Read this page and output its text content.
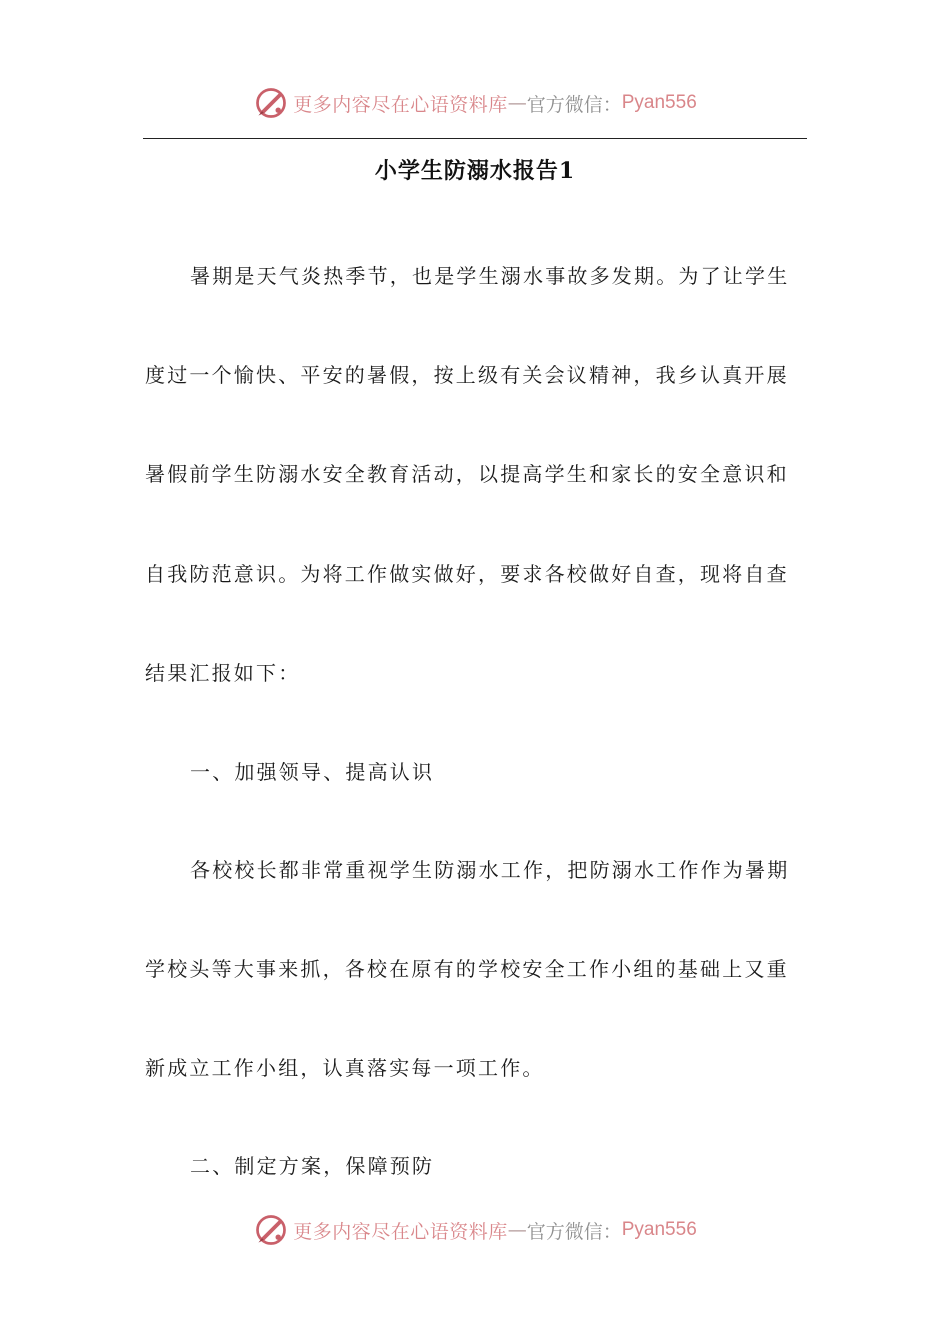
更多内容尽在心语资料库 — 官方微信： Pyan556
小学生防溺水报告1
暑期是天气炎热季节，也是学生溺水事故多发期。为了让学生
度过一个愉快、平安的暑假，按上级有关会议精神，我乡认真开展
暑假前学生防溺水安全教育活动，以提高学生和家长的安全意识和
自我防范意识。为将工作做实做好，要求各校做好自查，现将自查
结果汇报如下：
一、加强领导、提高认识
各校校长都非常重视学生防溺水工作，把防溺水工作作为暑期
学校头等大事来抓，各校在原有的学校安全工作小组的基础上又重
新成立工作小组，认真落实每一项工作。
二、制定方案，保障预防
更多内容尽在心语资料库 — 官方微信： Pyan556
